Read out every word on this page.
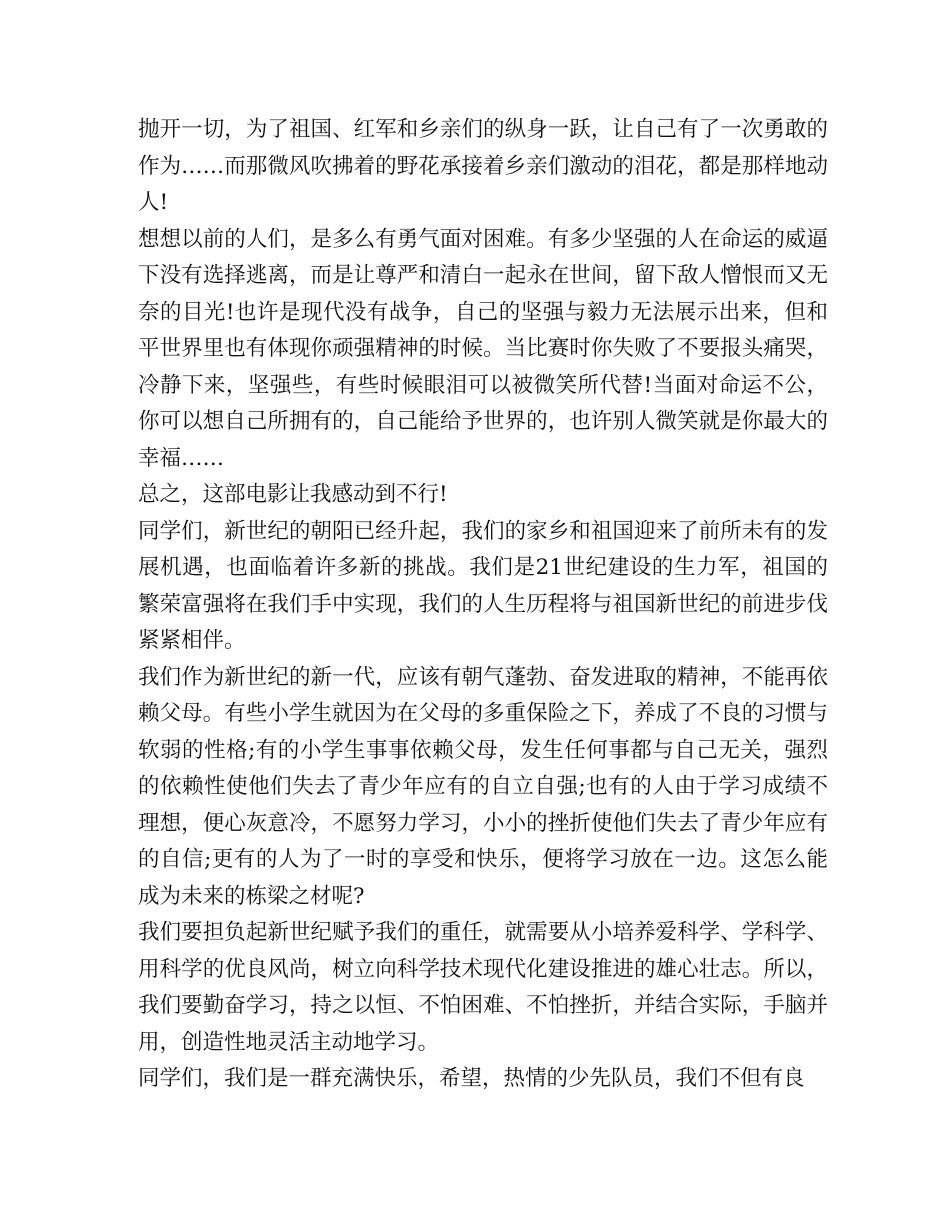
抛开一切，为了祖国、红军和乡亲们的纵身一跃，让自己有了一次勇敢的作为……而那微风吹拂着的野花承接着乡亲们激动的泪花，都是那样地动人!

想想以前的人们，是多么有勇气面对困难。有多少坚强的人在命运的威逼下没有选择逃离，而是让尊严和清白一起永在世间，留下敌人憎恨而又无奈的目光!也许是现代没有战争，自己的坚强与毅力无法展示出来，但和平世界里也有体现你顽强精神的时候。当比赛时你失败了不要报头痛哭，冷静下来，坚强些，有些时候眼泪可以被微笑所代替!当面对命运不公，你可以想自己所拥有的，自己能给予世界的，也许别人微笑就是你最大的幸福……

总之，这部电影让我感动到不行!

同学们，新世纪的朝阳已经升起，我们的家乡和祖国迎来了前所未有的发展机遇，也面临着许多新的挑战。我们是21世纪建设的生力军，祖国的繁荣富强将在我们手中实现，我们的人生历程将与祖国新世纪的前进步伐紧紧相伴。

我们作为新世纪的新一代，应该有朝气蓬勃、奋发进取的精神，不能再依赖父母。有些小学生就因为在父母的多重保险之下，养成了不良的习惯与软弱的性格;有的小学生事事依赖父母，发生任何事都与自己无关，强烈的依赖性使他们失去了青少年应有的自立自强;也有的人由于学习成绩不理想，便心灰意冷，不愿努力学习，小小的挫折使他们失去了青少年应有的自信;更有的人为了一时的享受和快乐，便将学习放在一边。这怎么能成为未来的栋梁之材呢?

我们要担负起新世纪赋予我们的重任，就需要从小培养爱科学、学科学、用科学的优良风尚，树立向科学技术现代化建设推进的雄心壮志。所以，我们要勤奋学习，持之以恒、不怕困难、不怕挫折，并结合实际，手脑并用，创造性地灵活主动地学习。

同学们，我们是一群充满快乐，希望，热情的少先队员，我们不但有良
